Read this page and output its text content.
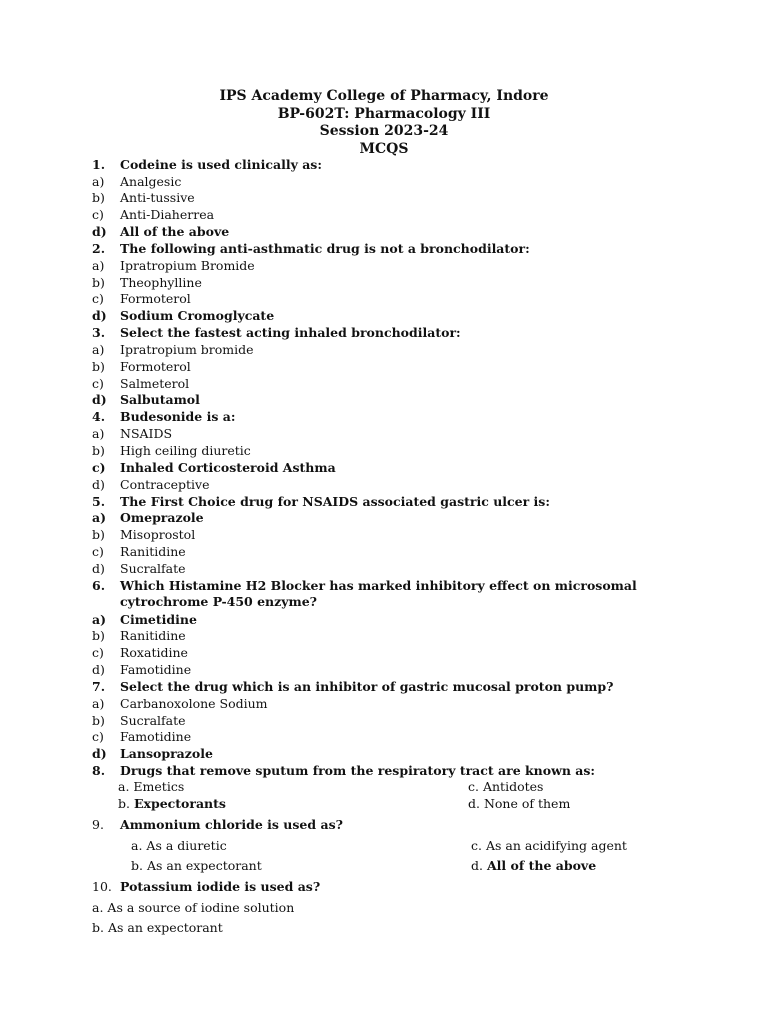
IPS Academy College of Pharmacy, Indore
BP-602T: Pharmacology III
Session 2023-24
MCQS
1. Codeine is used clinically as:
a) Analgesic
b) Anti-tussive
c) Anti-Diaherrea
d) All of the above
2. The following anti-asthmatic drug is not a bronchodilator:
a) Ipratropium Bromide
b) Theophylline
c) Formoterol
d) Sodium Cromoglycate
3. Select the fastest acting inhaled bronchodilator:
a) Ipratropium bromide
b) Formoterol
c) Salmeterol
d) Salbutamol
4. Budesonide is a:
a) NSAIDS
b) High ceiling diuretic
c) Inhaled Corticosteroid Asthma
d) Contraceptive
5. The First Choice drug for NSAIDS associated gastric ulcer is:
a) Omeprazole
b) Misoprostol
c) Ranitidine
d) Sucralfate
6. Which Histamine H2 Blocker has marked inhibitory effect on microsomal cytrochrome P-450 enzyme?
a) Cimetidine
b) Ranitidine
c) Roxatidine
d) Famotidine
7. Select the drug which is an inhibitor of gastric mucosal proton pump?
a) Carbanoxolone Sodium
b) Sucralfate
c) Famotidine
d) Lansoprazole
8. Drugs that remove sputum from the respiratory tract are known as:
a. Emetics	c. Antidotes
b. Expectorants	d. None of them
9. Ammonium chloride is used as?
a. As a diuretic	c. As an acidifying agent
b. As an expectorant	d. All of the above
10. Potassium iodide is used as?
a. As a source of iodine solution
b. As an expectorant
